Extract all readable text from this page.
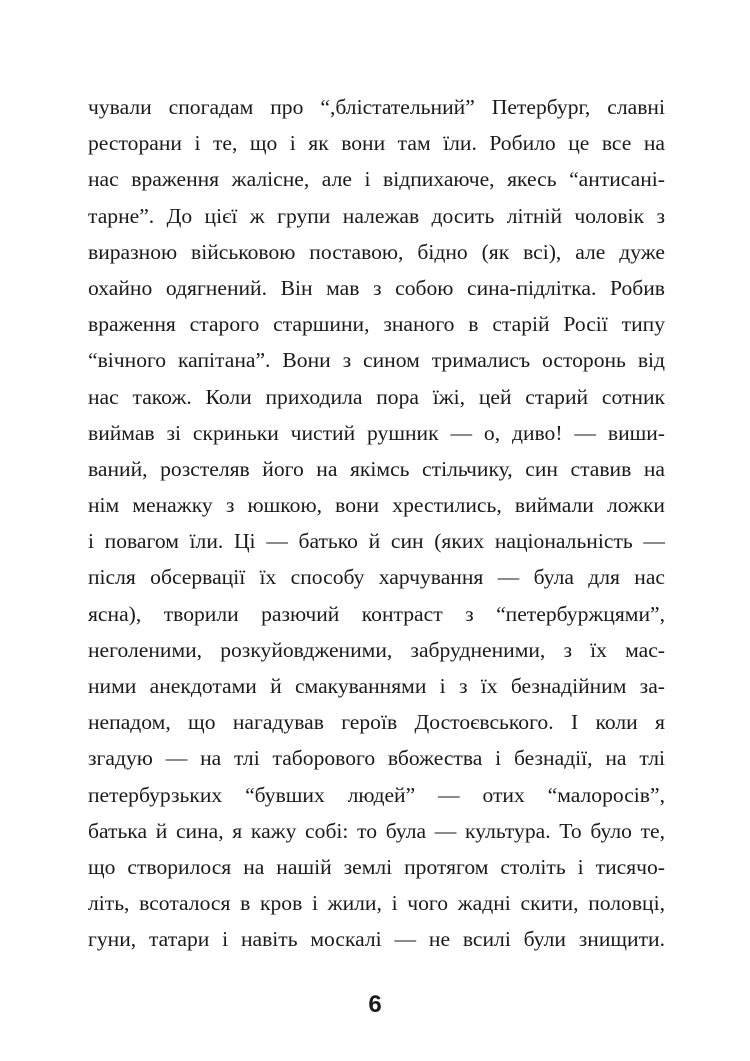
чували спогадам про “,блістательний” Петербург, славні
ресторани і те, що і як вони там їли. Робило це все на
нас враження жалісне, але і відпихаюче, якесь “антисані-
тарне”. До цієї ж групи належав досить літній чоловік з
виразною військовою поставою, бідно (як всі), але дуже
охайно одягнений. Він мав з собою сина-підлітка. Робив
враження старого старшини, знаного в старій Росії типу
“вічного капітана”. Вони з сином трималисъ осторонь від
нас також. Коли приходила пора їжі, цей старий сотник
виймав зі скриньки чистий рушник — о, диво! — виши-
ваний, розстеляв його на якімсь стільчику, син ставив на
нім менажку з юшкою, вони хрестились, виймали ложки
і повагом їли. Ці — батько й син (яких національність —
після обсервації їх способу харчування — була для нас
ясна), творили разючий контраст з “петербуржцями”,
неголеними, розкуйовдженими, забрудненими, з їх мас-
ними анекдотами й смакуваннями і з їх безнадійним за-
непадом, що нагадував героїв Достоєвського. І коли я
згадую — на тлі таборового вбожества і безнадії, на тлі
петербурзьких “бувших людей” — отих “малоросів”,
батька й сина, я кажу собі: то була — культура. То було те,
що створилося на нашій землі протягом століть і тисячо-
літь, всоталося в кров і жили, і чого жадні скити, половці,
гуни, татари і навіть москалі — не всилі були знищити.
6
